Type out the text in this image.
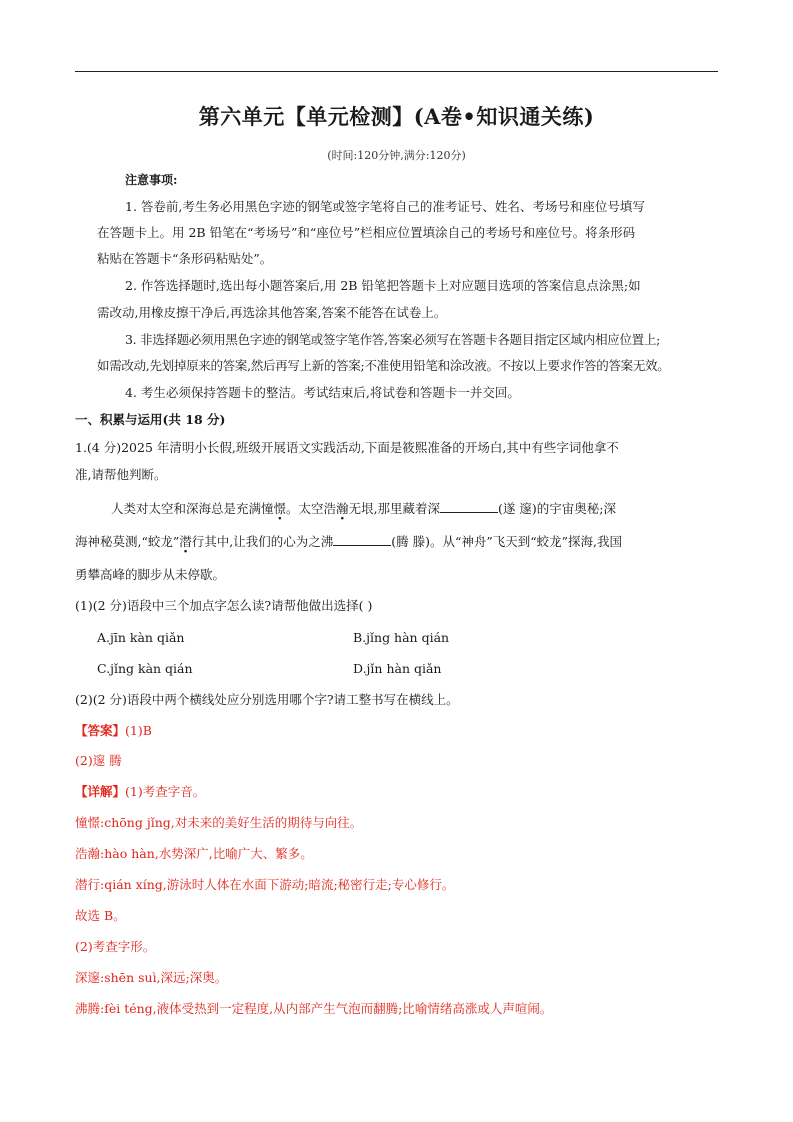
第六单元【单元检测】(A卷•知识通关练)
(时间:120分钟,满分:120分)
注意事项:
1. 答卷前,考生务必用黑色字迹的钢笔或签字笔将自己的准考证号、姓名、考场号和座位号填写
在答题卡上。用 2B 铅笔在“考场号”和“座位号”栏相应位置填涂自己的考场号和座位号。将条形码
粘贴在答题卡“条形码粘贴处”。
2. 作答选择题时,选出每小题答案后,用 2B 铅笔把答题卡上对应题目选项的答案信息点涂黑;如
需改动,用橡皮擦干净后,再选涂其他答案,答案不能答在试卷上。
3. 非选择题必须用黑色字迹的钢笔或签字笔作答,答案必须写在答题卡各题目指定区域内相应位置上;
如需改动,先划掉原来的答案,然后再写上新的答案;不准使用铅笔和涂改液。不按以上要求作答的答案无效。
4. 考生必须保持答题卡的整洁。考试结束后,将试卷和答题卡一并交回。
一、积累与运用(共 18 分)
1.(4 分)2025 年清明小长假,班级开展语文实践活动,下面是筱熙准备的开场白,其中有些字词他拿不
准,请帮他判断。
人类对太空和深海总是充满憧憬。太空浩瀚无垠,那里藏着深	(遂 邃)的宇宙奥秘;深
海神秘莫测,“蛟龙”潜行其中,让我们的心为之沸	(腾 滕)。从“神舟”飞天到“蛟龙”探海,我国
勇攀高峰的脚步从未停歇。
(1)(2 分)语段中三个加点字怎么读?请帮他做出选择( )
A.jīn kàn qiǎn	B.jǐng hàn qián
C.jǐng kàn qián	D.jǐn hàn qiǎn
(2)(2 分)语段中两个横线处应分别选用哪个字?请工整书写在横线上。
【答案】(1)B
(2)邃 腾
【详解】(1)考查字音。
憧憬:chōng jǐng,对未来的美好生活的期待与向往。
浩瀚:hào hàn,水势深广,比喻广大、繁多。
潜行:qián xíng,游泳时人体在水面下游动;暗流;秘密行走;专心修行。
故选 B。
(2)考查字形。
深邃:shēn suì,深远;深奥。
沸腾:fèi téng,液体受热到一定程度,从内部产生气泡而翻腾;比喻情绪高涨或人声喧闹。
